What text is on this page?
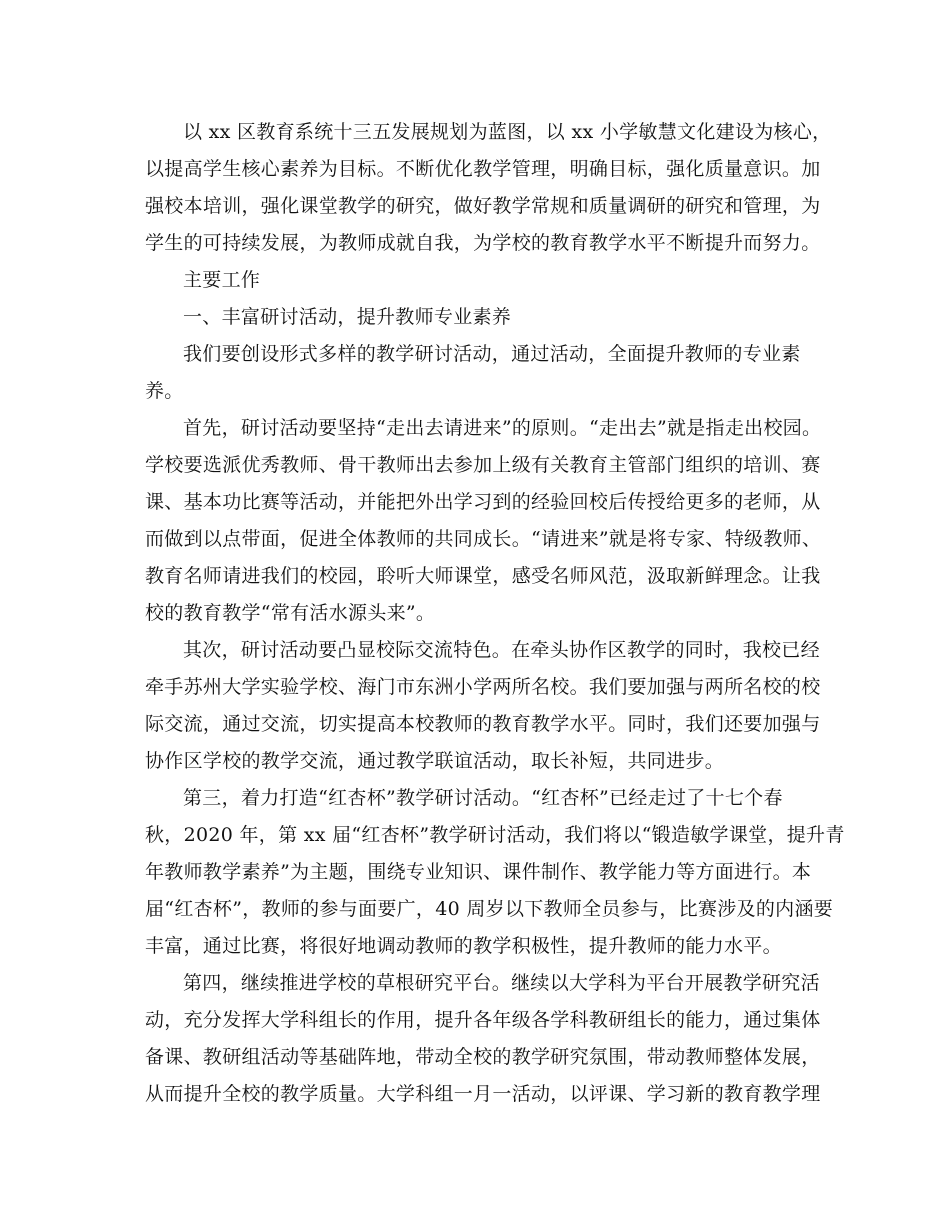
以 xx 区教育系统十三五发展规划为蓝图，以 xx 小学敏慧文化建设为核心，
以提高学生核心素养为目标。不断优化教学管理，明确目标，强化质量意识。加
强校本培训，强化课堂教学的研究，做好教学常规和质量调研的研究和管理，为
学生的可持续发展，为教师成就自我，为学校的教育教学水平不断提升而努力。
主要工作
一、丰富研讨活动，提升教师专业素养
我们要创设形式多样的教学研讨活动，通过活动，全面提升教师的专业素
养。
首先，研讨活动要坚持“走出去请进来”的原则。“走出去”就是指走出校园。
学校要选派优秀教师、骨干教师出去参加上级有关教育主管部门组织的培训、赛
课、基本功比赛等活动，并能把外出学习到的经验回校后传授给更多的老师，从
而做到以点带面，促进全体教师的共同成长。“请进来”就是将专家、特级教师、
教育名师请进我们的校园，聆听大师课堂，感受名师风范，汲取新鲜理念。让我
校的教育教学“常有活水源头来”。
其次，研讨活动要凸显校际交流特色。在牵头协作区教学的同时，我校已经
牵手苏州大学实验学校、海门市东洲小学两所名校。我们要加强与两所名校的校
际交流，通过交流，切实提高本校教师的教育教学水平。同时，我们还要加强与
协作区学校的教学交流，通过教学联谊活动，取长补短，共同进步。
第三，着力打造“红杏杯”教学研讨活动。“红杏杯”已经走过了十七个春
秋，2020 年，第 xx 届“红杏杯”教学研讨活动，我们将以“锻造敏学课堂，提升青
年教师教学素养”为主题，围绕专业知识、课件制作、教学能力等方面进行。本
届“红杏杯”，教师的参与面要广，40 周岁以下教师全员参与，比赛涉及的内涵要
丰富，通过比赛，将很好地调动教师的教学积极性，提升教师的能力水平。
第四，继续推进学校的草根研究平台。继续以大学科为平台开展教学研究活
动，充分发挥大学科组长的作用，提升各年级各学科教研组长的能力，通过集体
备课、教研组活动等基础阵地，带动全校的教学研究氛围，带动教师整体发展，
从而提升全校的教学质量。大学科组一月一活动，以评课、学习新的教育教学理
